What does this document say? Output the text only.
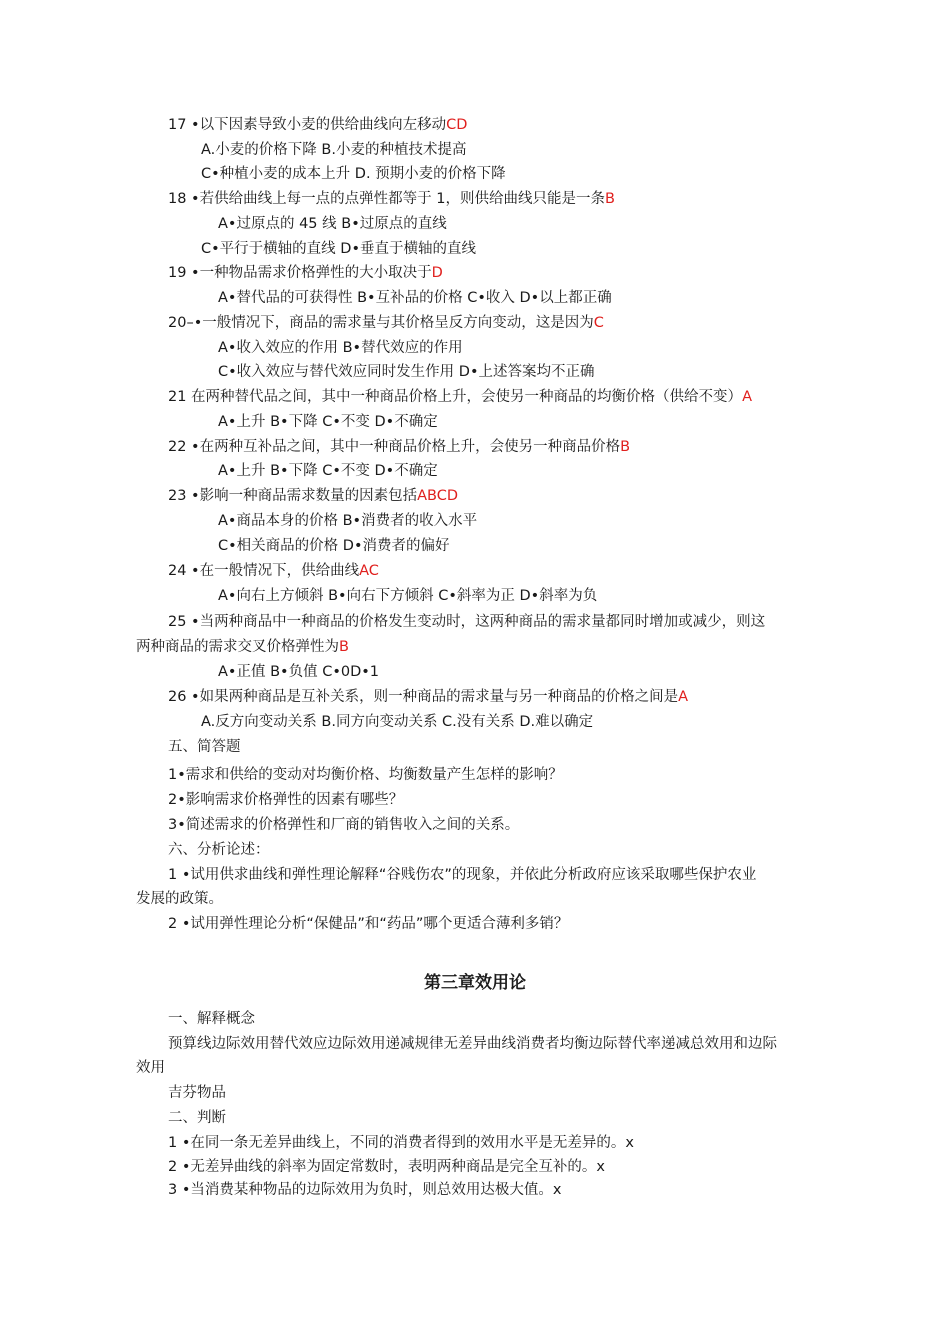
17 •以下因素导致小麦的供给曲线向左移动CD
A.小麦的价格下降 B.小麦的种植技术提高
C•种植小麦的成本上升 D. 预期小麦的价格下降
18 •若供给曲线上每一点的点弹性都等于 1，则供给曲线只能是一条B
A•过原点的 45 线 B•过原点的直线
C•平行于横轴的直线 D•垂直于横轴的直线
19 •一种物品需求价格弹性的大小取决于D
A•替代品的可获得性 B•互补品的价格 C•收入 D•以上都正确
20–•一般情况下，商品的需求量与其价格呈反方向变动，这是因为C
A•收入效应的作用 B•替代效应的作用
C•收入效应与替代效应同时发生作用 D•上述答案均不正确
21 在两种替代品之间，其中一种商品价格上升，会使另一种商品的均衡价格（供给不变）A
A•上升 B•下降 C•不变 D•不确定
22 •在两种互补品之间，其中一种商品价格上升，会使另一种商品价格B
A•上升 B•下降 C•不变 D•不确定
23 •影响一种商品需求数量的因素包括ABCD
A•商品本身的价格 B•消费者的收入水平
C•相关商品的价格 D•消费者的偏好
24 •在一般情况下，供给曲线AC
A•向右上方倾斜 B•向右下方倾斜 C•斜率为正 D•斜率为负
25 •当两种商品中一种商品的价格发生变动时，这两种商品的需求量都同时增加或减少，则这
两种商品的需求交叉价格弹性为B
A•正值 B•负值 C•0D•1
26 •如果两种商品是互补关系，则一种商品的需求量与另一种商品的价格之间是A
A.反方向变动关系 B.同方向变动关系 C.没有关系 D.难以确定
五、简答题
1•需求和供给的变动对均衡价格、均衡数量产生怎样的影响？
2•影响需求价格弹性的因素有哪些？
3•简述需求的价格弹性和厂商的销售收入之间的关系。
六、分析论述：
1 •试用供求曲线和弹性理论解释“谷贱伤农”的现象，并依此分析政府应该采取哪些保护农业
发展的政策。
2 •试用弹性理论分析“保健品”和“药品”哪个更适合薄利多销？
第三章效用论
一、解释概念
预算线边际效用替代效应边际效用递减规律无差异曲线消费者均衡边际替代率递减总效用和边际
效用
吉芬物品
二、判断
1 •在同一条无差异曲线上，不同的消费者得到的效用水平是无差异的。x
2 •无差异曲线的斜率为固定常数时，表明两种商品是完全互补的。x
3 •当消费某种物品的边际效用为负时，则总效用达极大值。x
